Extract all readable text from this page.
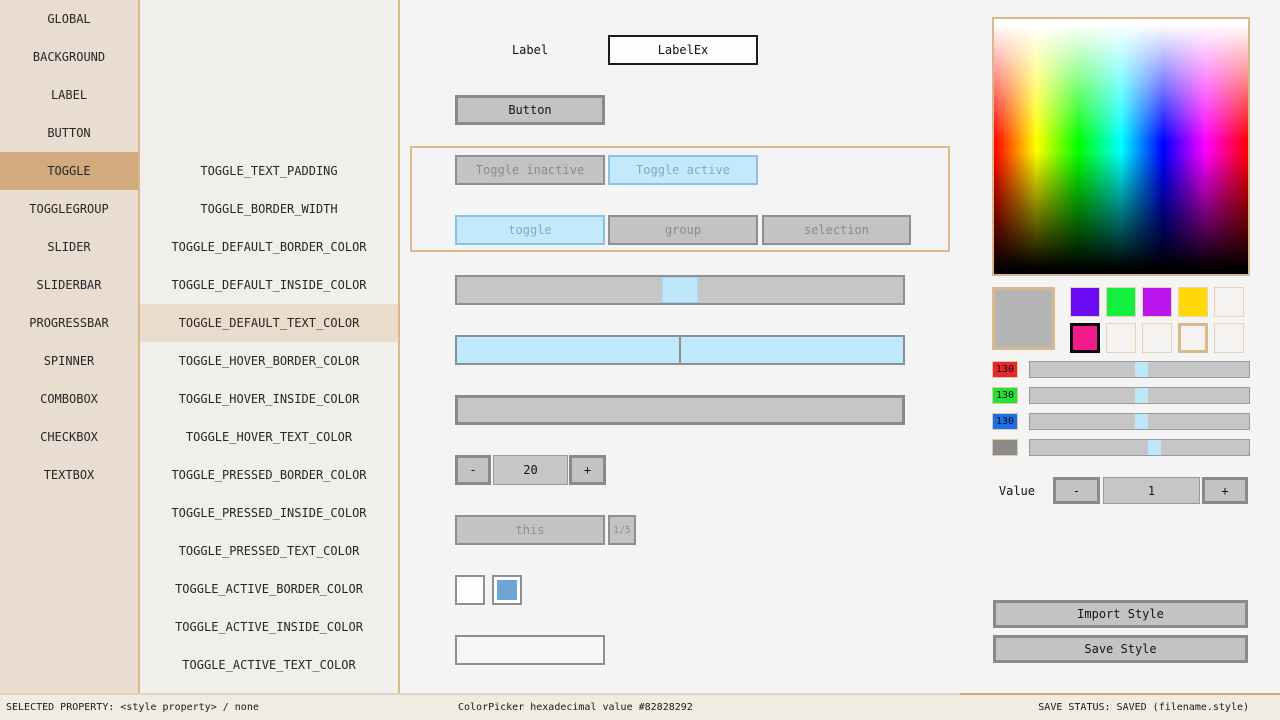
GLOBAL
BACKGROUND
LABEL
BUTTON
TOGGLE
TOGGLEGROUP
SLIDER
SLIDERBAR
PROGRESSBAR
SPINNER
COMBOBOX
CHECKBOX
TEXTBOX
TOGGLE_TEXT_PADDING
TOGGLE_BORDER_WIDTH
TOGGLE_DEFAULT_BORDER_COLOR
TOGGLE_DEFAULT_INSIDE_COLOR
TOGGLE_DEFAULT_TEXT_COLOR
TOGGLE_HOVER_BORDER_COLOR
TOGGLE_HOVER_INSIDE_COLOR
TOGGLE_HOVER_TEXT_COLOR
TOGGLE_PRESSED_BORDER_COLOR
TOGGLE_PRESSED_INSIDE_COLOR
TOGGLE_PRESSED_TEXT_COLOR
TOGGLE_ACTIVE_BORDER_COLOR
TOGGLE_ACTIVE_INSIDE_COLOR
TOGGLE_ACTIVE_TEXT_COLOR
Label	LabelEx
Button
Toggle inactive	Toggle active
toggle	group	selection
-	20	+
this	1/5
Value	-	1	+
Import Style
Save Style
130
130
130
SELECTED PROPERTY: <style property> / none	ColorPicker hexadecimal value #82828292	SAVE STATUS: SAVED (filename.style)
